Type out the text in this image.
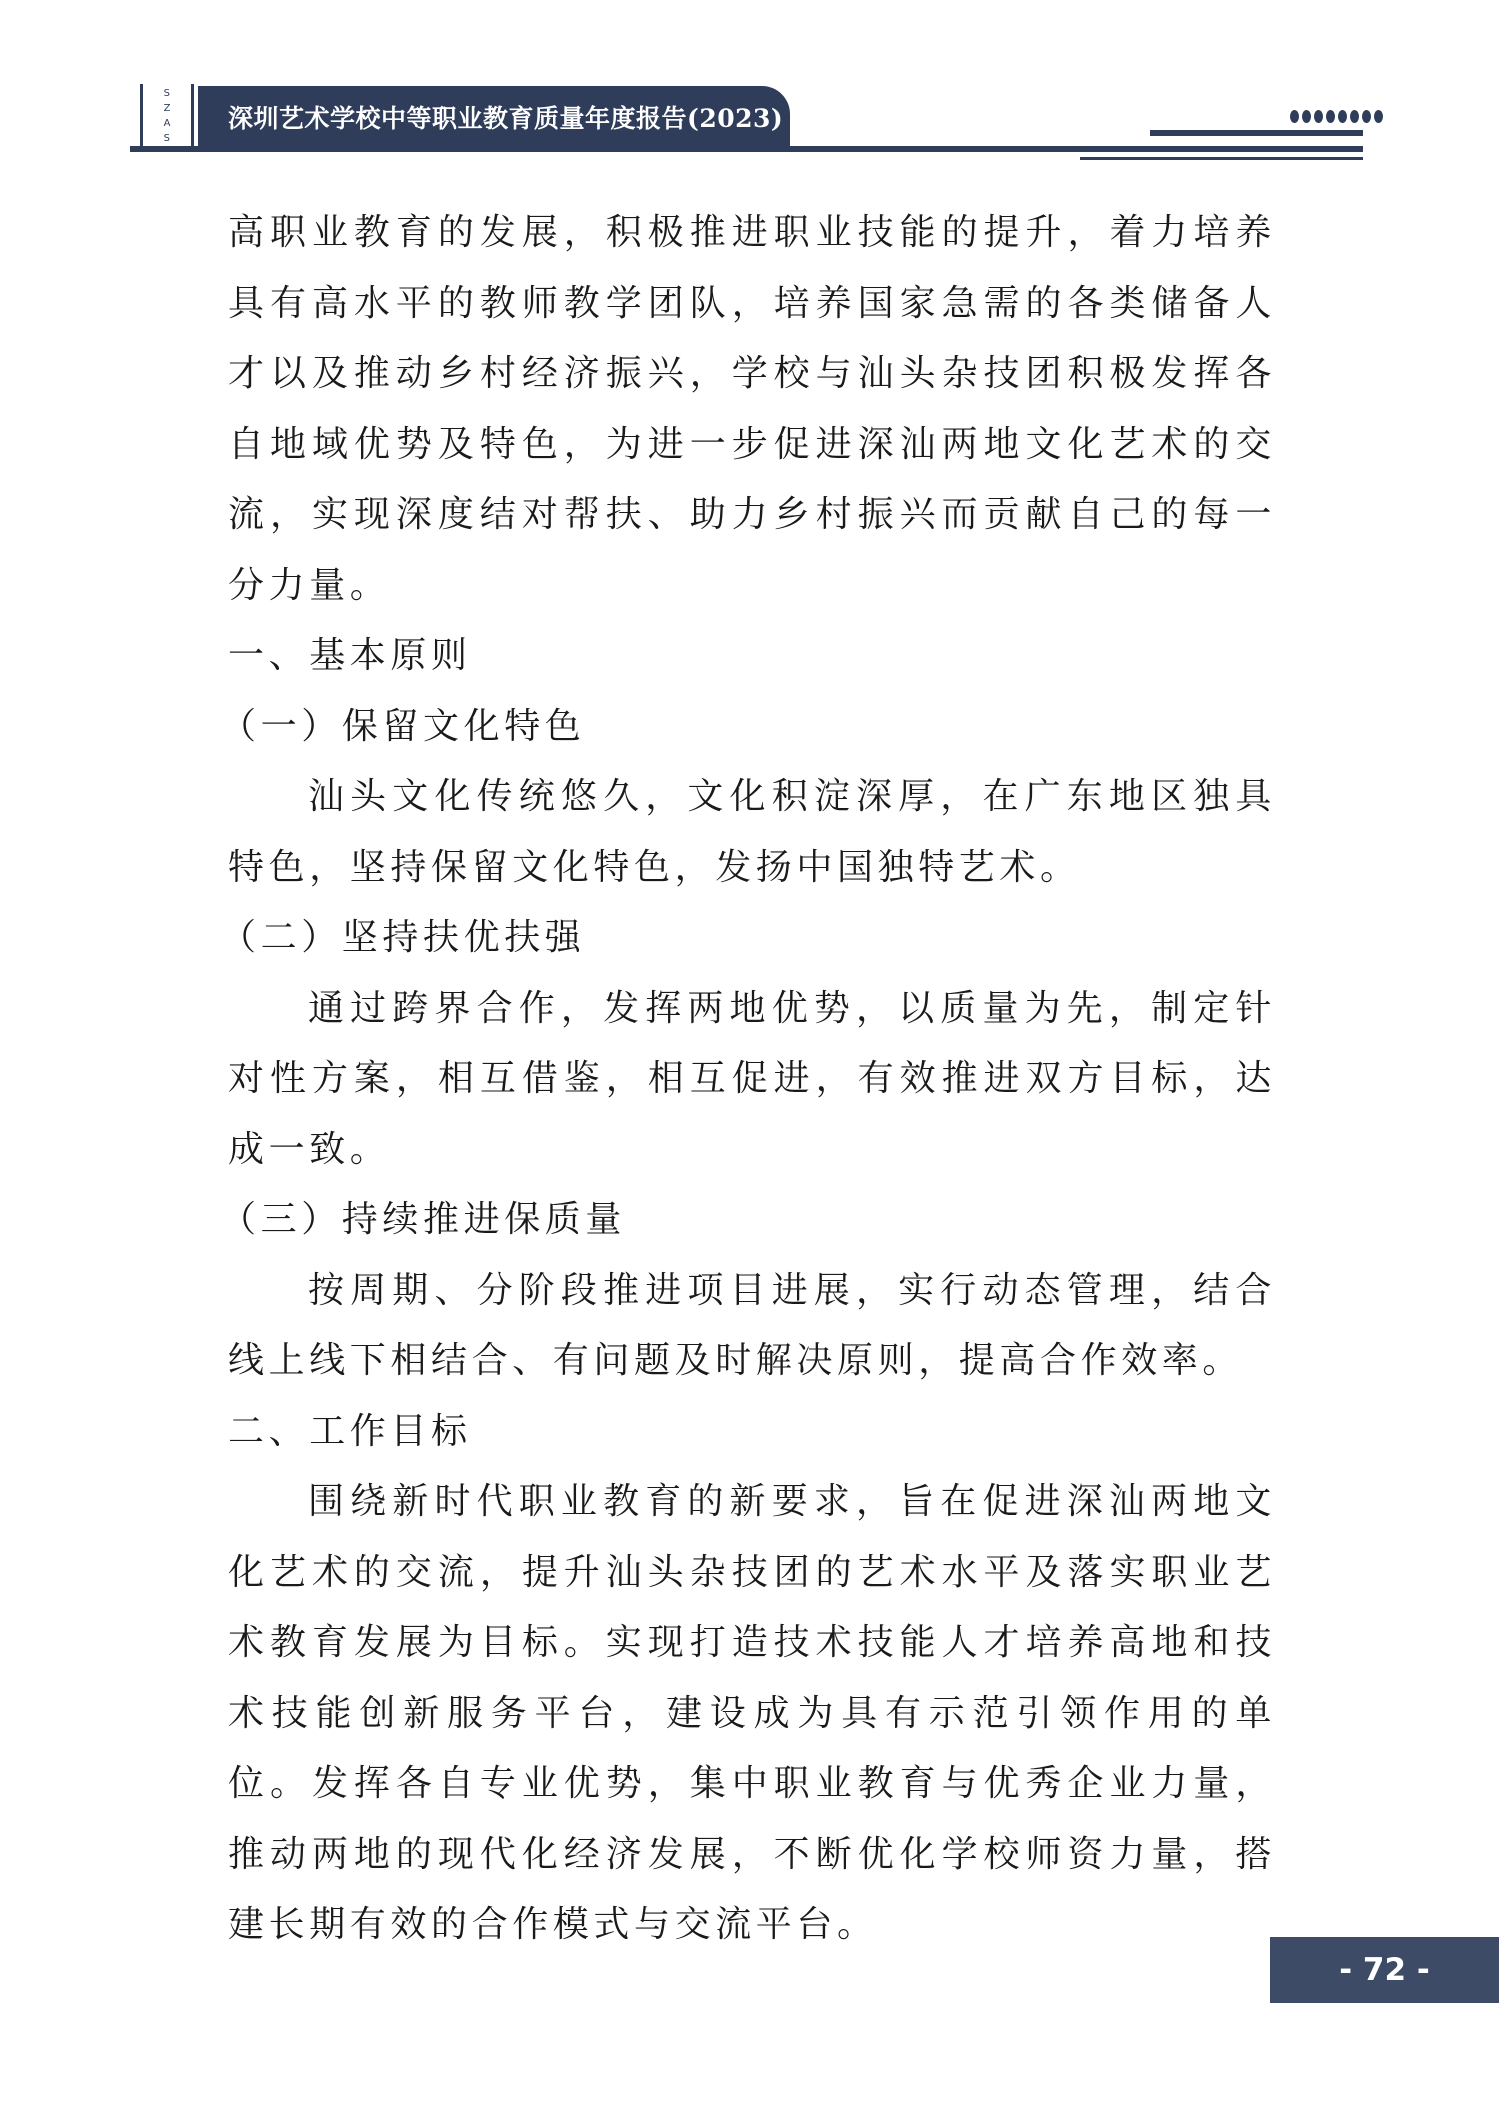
S
Z
A
S
深圳艺术学校中等职业教育质量年度报告(2023)

高职业教育的发展，积极推进职业技能的提升，着力培养具有高水平的教师教学团队，培养国家急需的各类储备人才以及推动乡村经济振兴，学校与汕头杂技团积极发挥各自地域优势及特色，为进一步促进深汕两地文化艺术的交流，实现深度结对帮扶、助力乡村振兴而贡献自己的每一分力量。

一、基本原则

（一）保留文化特色

汕头文化传统悠久，文化积淀深厚，在广东地区独具特色，坚持保留文化特色，发扬中国独特艺术。

（二）坚持扶优扶强

通过跨界合作，发挥两地优势，以质量为先，制定针对性方案，相互借鉴，相互促进，有效推进双方目标，达成一致。

（三）持续推进保质量

按周期、分阶段推进项目进展，实行动态管理，结合线上线下相结合、有问题及时解决原则，提高合作效率。

二、工作目标

围绕新时代职业教育的新要求，旨在促进深汕两地文化艺术的交流，提升汕头杂技团的艺术水平及落实职业艺术教育发展为目标。实现打造技术技能人才培养高地和技术技能创新服务平台，建设成为具有示范引领作用的单位。发挥各自专业优势，集中职业教育与优秀企业力量，推动两地的现代化经济发展，不断优化学校师资力量，搭建长期有效的合作模式与交流平台。

- 72 -
